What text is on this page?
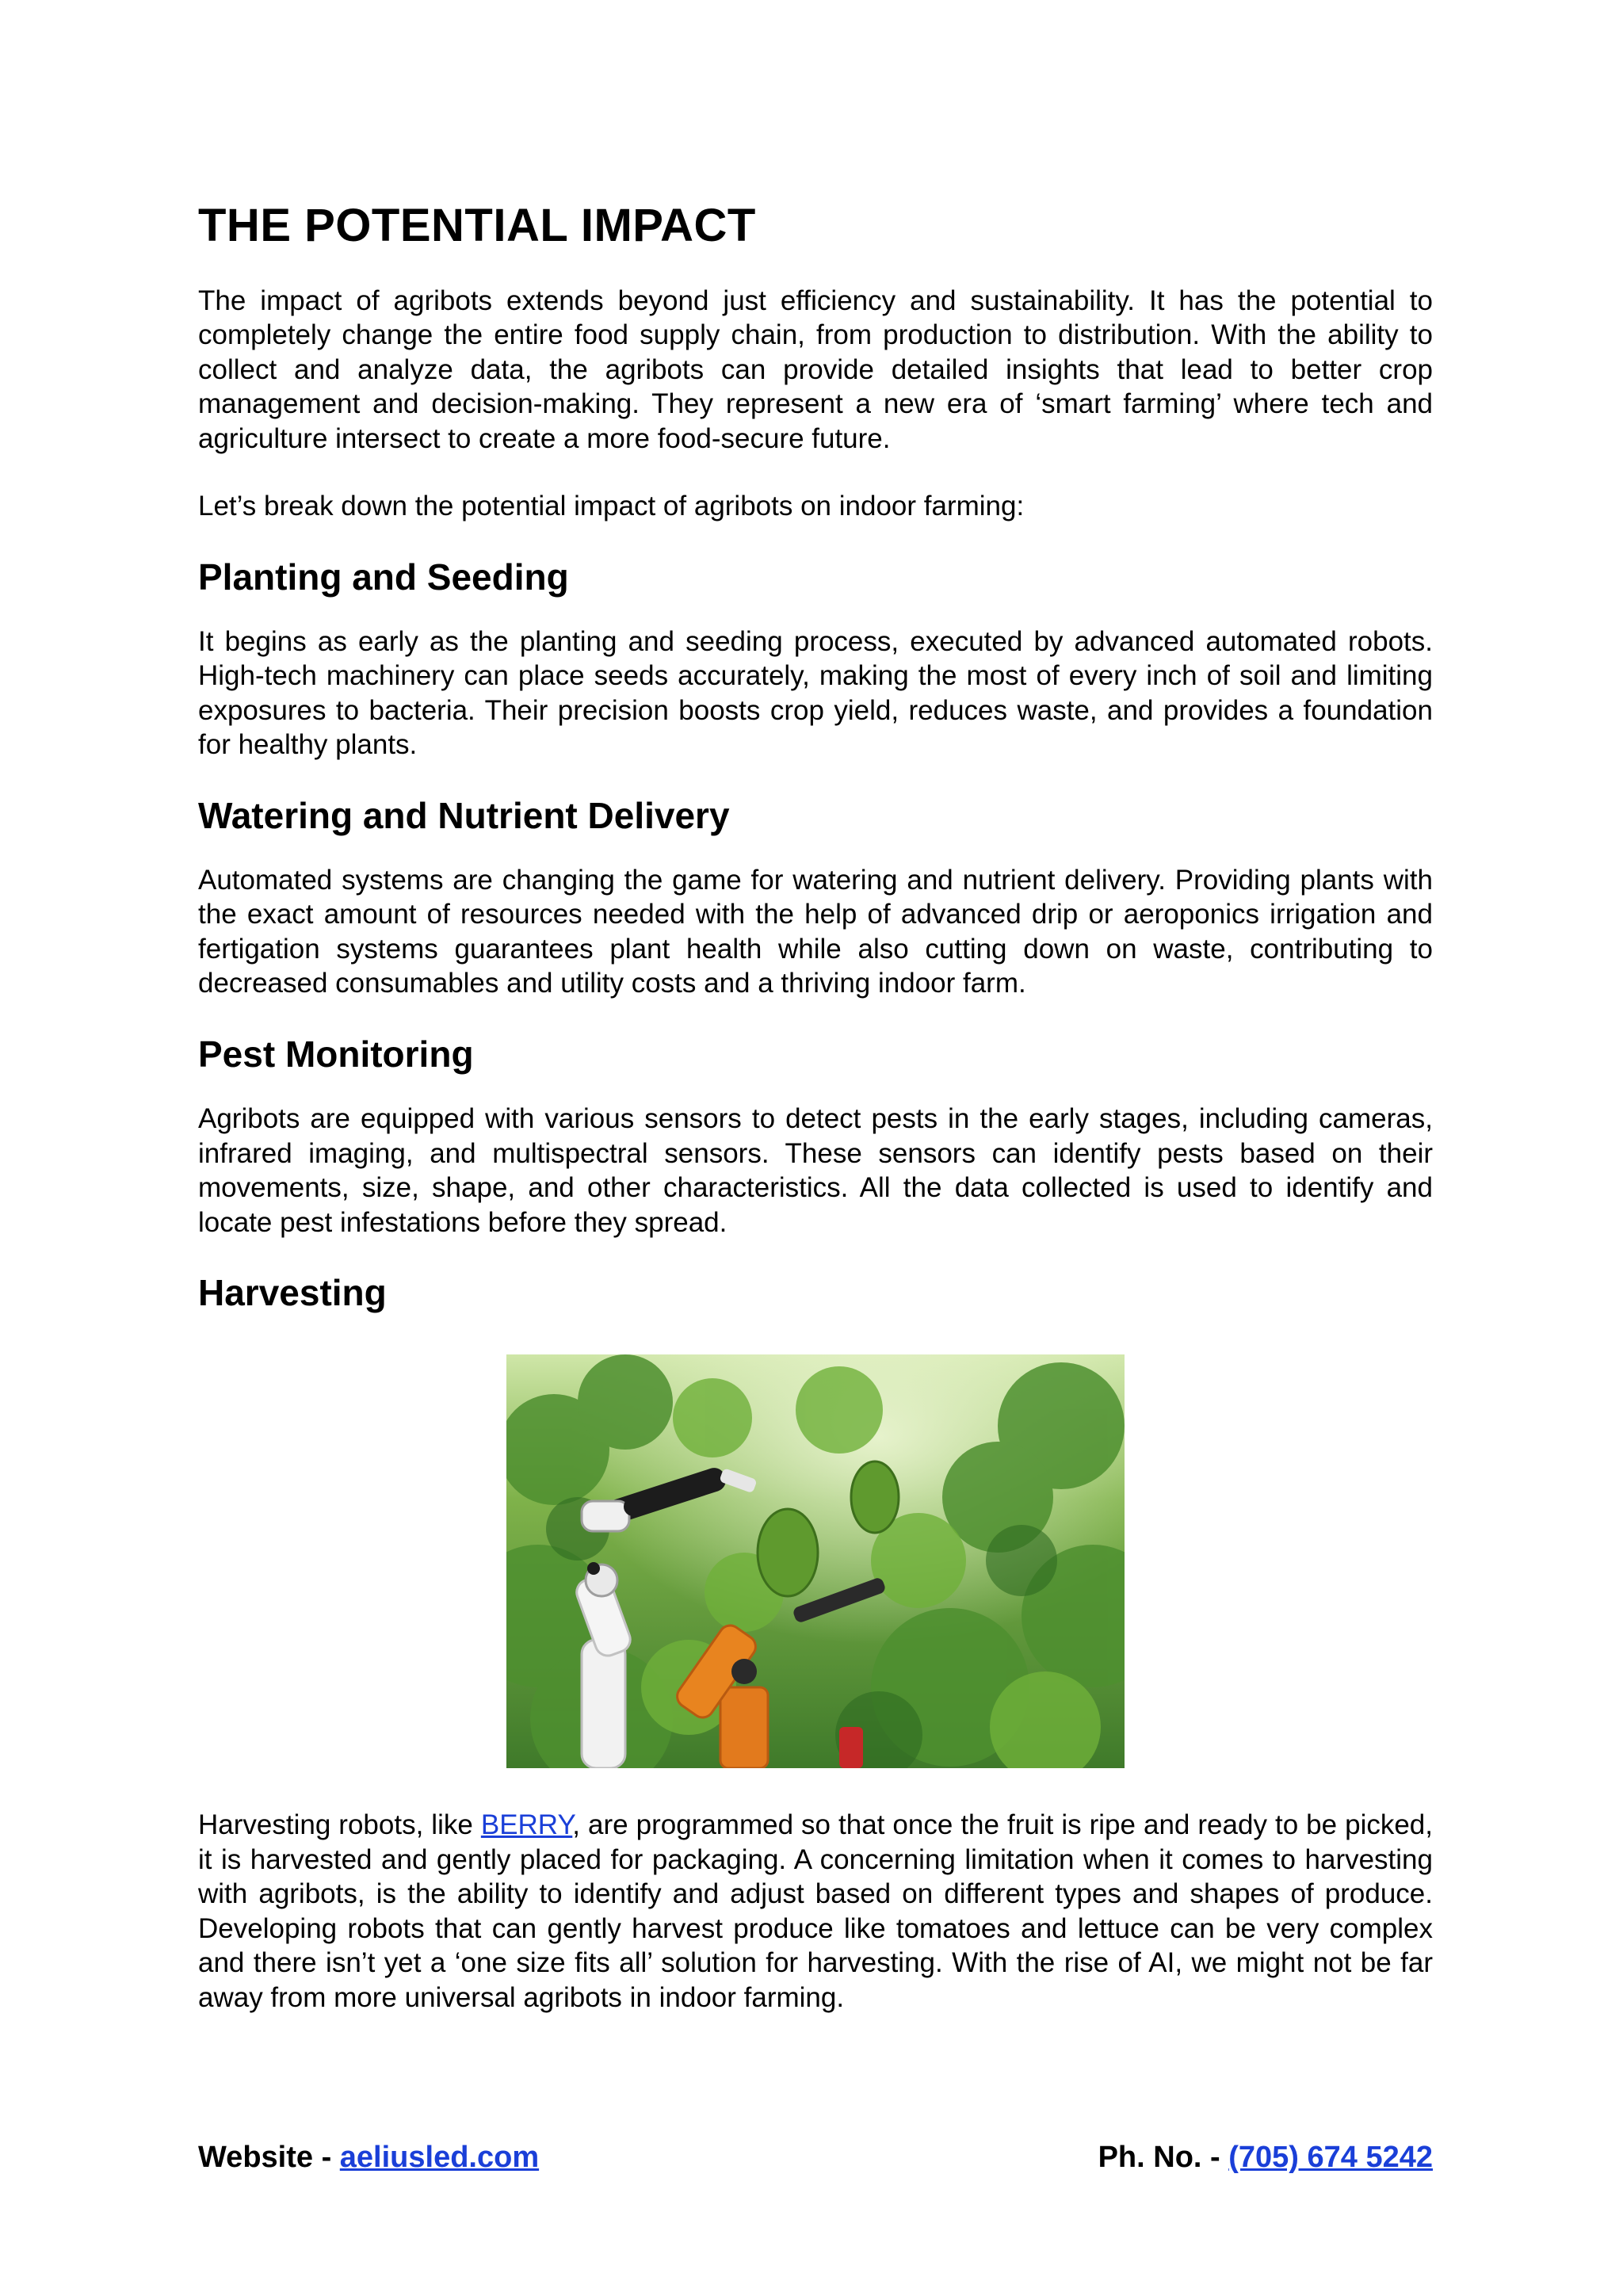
THE POTENTIAL IMPACT

The impact of agribots extends beyond just efficiency and sustainability. It has the potential to completely change the entire food supply chain, from production to distribution. With the ability to collect and analyze data, the agribots can provide detailed insights that lead to better crop management and decision-making. They represent a new era of ‘smart farming’ where tech and agriculture intersect to create a more food-secure future.

Let’s break down the potential impact of agribots on indoor farming:

Planting and Seeding

It begins as early as the planting and seeding process, executed by advanced automated robots. High-tech machinery can place seeds accurately, making the most of every inch of soil and limiting exposures to bacteria. Their precision boosts crop yield, reduces waste, and provides a foundation for healthy plants.

Watering and Nutrient Delivery

Automated systems are changing the game for watering and nutrient delivery. Providing plants with the exact amount of resources needed with the help of advanced drip or aeroponics irrigation and fertigation systems guarantees plant health while also cutting down on waste, contributing to decreased consumables and utility costs and a thriving indoor farm.

Pest Monitoring

Agribots are equipped with various sensors to detect pests in the early stages, including cameras, infrared imaging, and multispectral sensors. These sensors can identify pests based on their movements, size, shape, and other characteristics. All the data collected is used to identify and locate pest infestations before they spread.

Harvesting

Harvesting robots, like BERRY, are programmed so that once the fruit is ripe and ready to be picked, it is harvested and gently placed for packaging. A concerning limitation when it comes to harvesting with agribots, is the ability to identify and adjust based on different types and shapes of produce. Developing robots that can gently harvest produce like tomatoes and lettuce can be very complex and there isn’t yet a ‘one size fits all’ solution for harvesting. With the rise of AI, we might not be far away from more universal agribots in indoor farming.

Website - aeliusled.com	Ph. No. - (705) 674 5242
